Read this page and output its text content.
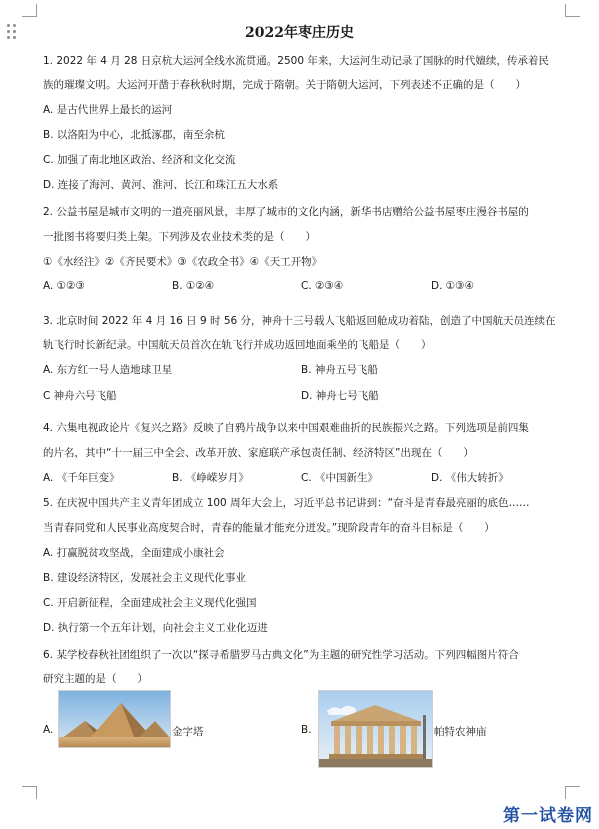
2022年枣庄历史
1. 2022 年 4 月 28 日京杭大运河全线水流贯通。2500 年来，大运河生动记录了国脉的时代嬗续，传承着民
族的璀璨文明。大运河开凿于春秋秋时期，完成于隋朝。关于隋朝大运河，下列表述不正确的是（　　）
A. 是古代世界上最长的运河
B. 以洛阳为中心，北抵涿郡，南至余杭
C. 加强了南北地区政治、经济和文化交流
D. 连接了海河、黄河、淮河、长江和珠江五大水系
2. 公益书屋是城市文明的一道亮丽风景，丰厚了城市的文化内涵，新华书店赠给公益书屋枣庄漫谷书屋的
一批图书将要归类上架。下列涉及农业技术类的是（　　）
①《水经注》②《齐民要术》③《农政全书》④《天工开物》
A. ①②③	B. ①②④	C. ②③④	D. ①③④
3. 北京时间 2022 年 4 月 16 日 9 时 56 分，神舟十三号载人飞船返回舱成功着陆，创造了中国航天员连续在
轨飞行时长新纪录。中国航天员首次在轨飞行并成功返回地面乘坐的飞船是（　　）
A. 东方红一号人造地球卫星	B. 神舟五号飞船
C 神舟六号飞船	D. 神舟七号飞船
4. 六集电视政论片《复兴之路》反映了自鸦片战争以来中国艰难曲折的民族振兴之路。下列选项是前四集
的片名，其中“十一届三中全会、改革开放、家庭联产承包责任制、经济特区”出现在（　　）
A. 《千年巨变》	B. 《峥嵘岁月》	C. 《中国新生》	D. 《伟大转折》
5. 在庆祝中国共产主义青年团成立 100 周年大会上，习近平总书记讲到：“奋斗是青春最亮丽的底色……
当青春同党和人民事业高度契合时，青春的能量才能充分迸发。”现阶段青年的奋斗目标是（　　）
A. 打赢脱贫攻坚战，全面建成小康社会
B. 建设经济特区，发展社会主义现代化事业
C. 开启新征程，全面建成社会主义现代化强国
D. 执行第一个五年计划，向社会主义工业化迈进
6. 某学校春秋社团组织了一次以“探寻希腊罗马古典文化”为主题的研究性学习活动。下列四幅图片符合
研究主题的是（　　）
A.	金字塔	B.	帕特农神庙
第一试卷网
